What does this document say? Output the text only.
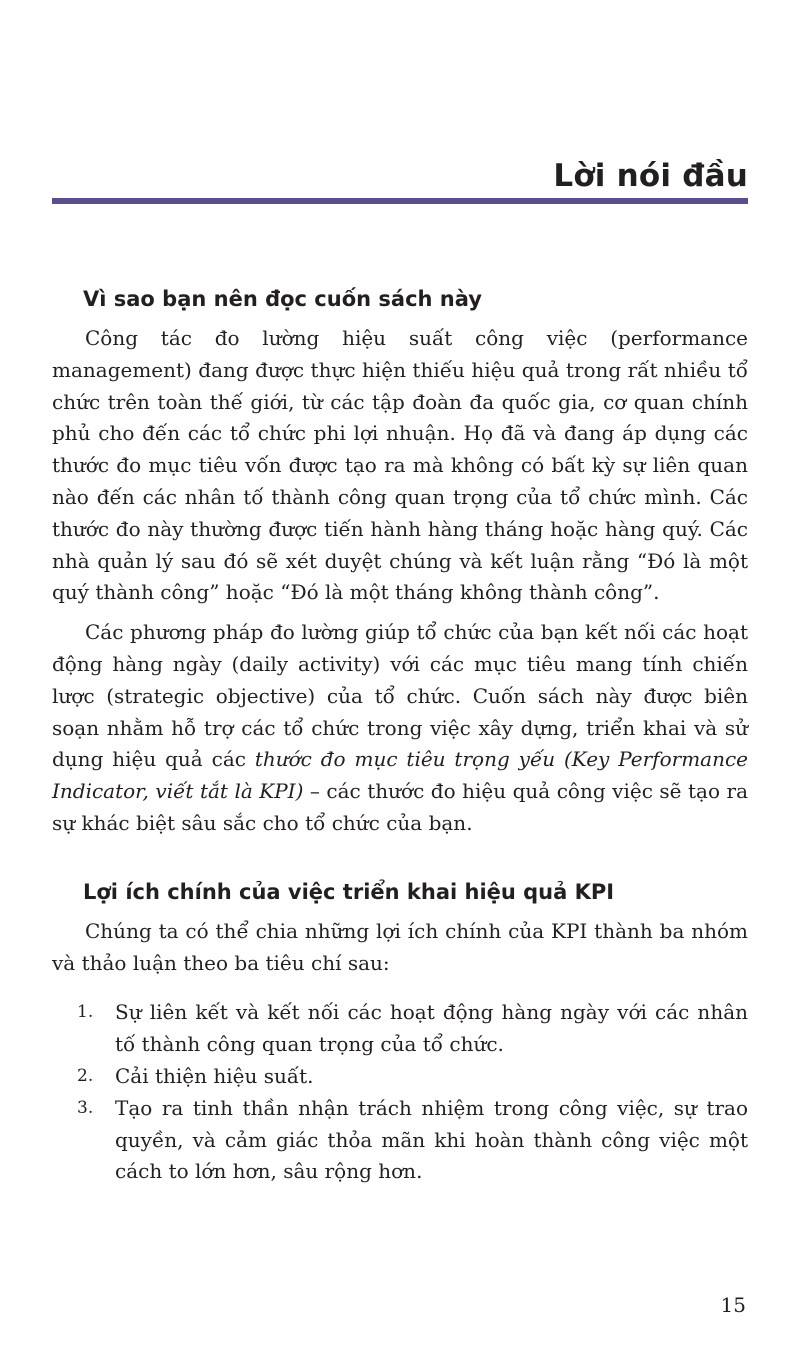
Lời nói đầu
Vì sao bạn nên đọc cuốn sách này

Công tác đo lường hiệu suất công việc (performance management) đang được thực hiện thiếu hiệu quả trong rất nhiều tổ chức trên toàn thế giới, từ các tập đoàn đa quốc gia, cơ quan chính phủ cho đến các tổ chức phi lợi nhuận. Họ đã và đang áp dụng các thước đo mục tiêu vốn được tạo ra mà không có bất kỳ sự liên quan nào đến các nhân tố thành công quan trọng của tổ chức mình. Các thước đo này thường được tiến hành hàng tháng hoặc hàng quý. Các nhà quản lý sau đó sẽ xét duyệt chúng và kết luận rằng “Đó là một quý thành công” hoặc “Đó là một tháng không thành công”.

Các phương pháp đo lường giúp tổ chức của bạn kết nối các hoạt động hàng ngày (daily activity) với các mục tiêu mang tính chiến lược (strategic objective) của tổ chức. Cuốn sách này được biên soạn nhằm hỗ trợ các tổ chức trong việc xây dựng, triển khai và sử dụng hiệu quả các thước đo mục tiêu trọng yếu (Key Performance Indicator, viết tắt là KPI) – các thước đo hiệu quả công việc sẽ tạo ra sự khác biệt sâu sắc cho tổ chức của bạn.

Lợi ích chính của việc triển khai hiệu quả KPI

Chúng ta có thể chia những lợi ích chính của KPI thành ba nhóm và thảo luận theo ba tiêu chí sau:

1. Sự liên kết và kết nối các hoạt động hàng ngày với các nhân tố thành công quan trọng của tổ chức.
2. Cải thiện hiệu suất.
3. Tạo ra tinh thần nhận trách nhiệm trong công việc, sự trao quyền, và cảm giác thỏa mãn khi hoàn thành công việc một cách to lớn hơn, sâu rộng hơn.
15
